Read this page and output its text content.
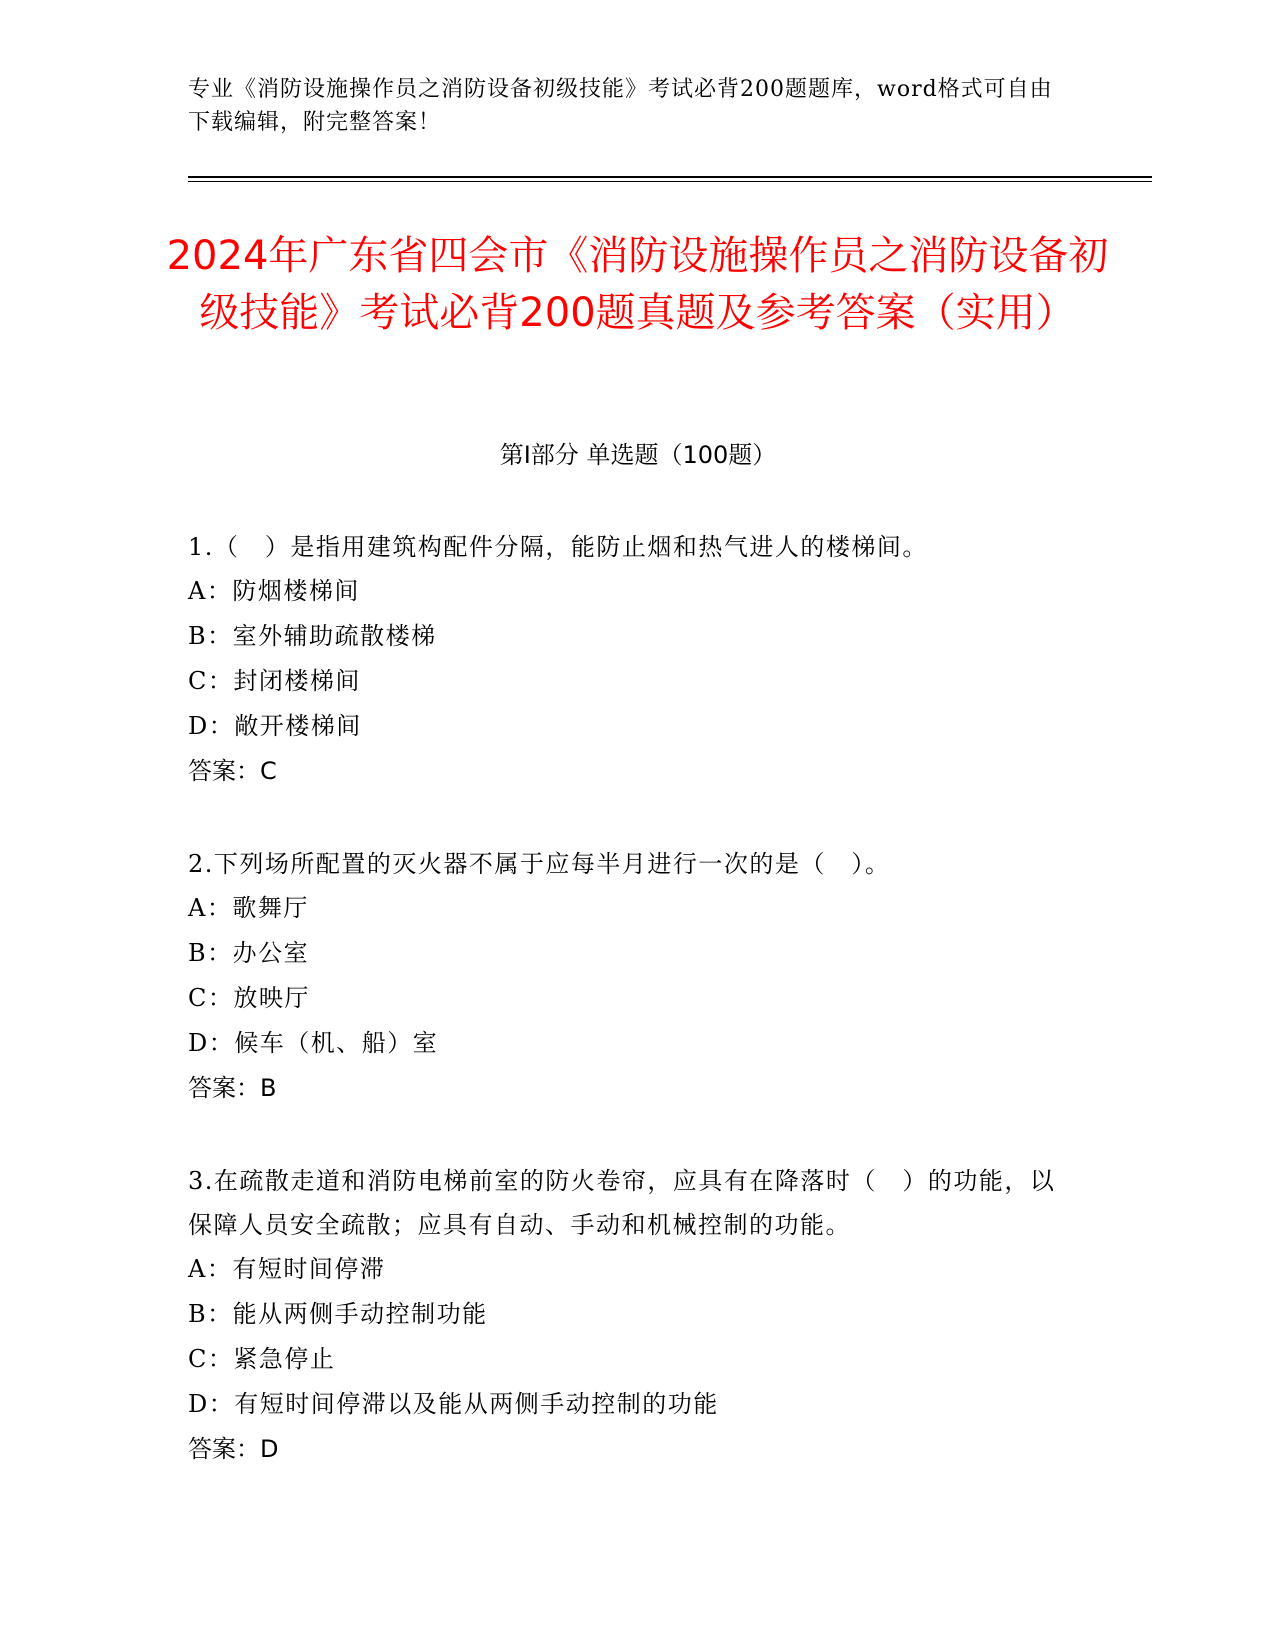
专业《消防设施操作员之消防设备初级技能》考试必背200题题库，word格式可自由下载编辑，附完整答案！
2024年广东省四会市《消防设施操作员之消防设备初级技能》考试必背200题真题及参考答案（实用）
第I部分 单选题（100题）
1.（　）是指用建筑构配件分隔，能防止烟和热气进人的楼梯间。
A：防烟楼梯间
B：室外辅助疏散楼梯
C：封闭楼梯间
D：敞开楼梯间
答案：C
2.下列场所配置的灭火器不属于应每半月进行一次的是（　）。
A：歌舞厅
B：办公室
C：放映厅
D：候车（机、船）室
答案：B
3.在疏散走道和消防电梯前室的防火卷帘，应具有在降落时（　）的功能，以保障人员安全疏散；应具有自动、手动和机械控制的功能。
A：有短时间停滞
B：能从两侧手动控制功能
C：紧急停止
D：有短时间停滞以及能从两侧手动控制的功能
答案：D
